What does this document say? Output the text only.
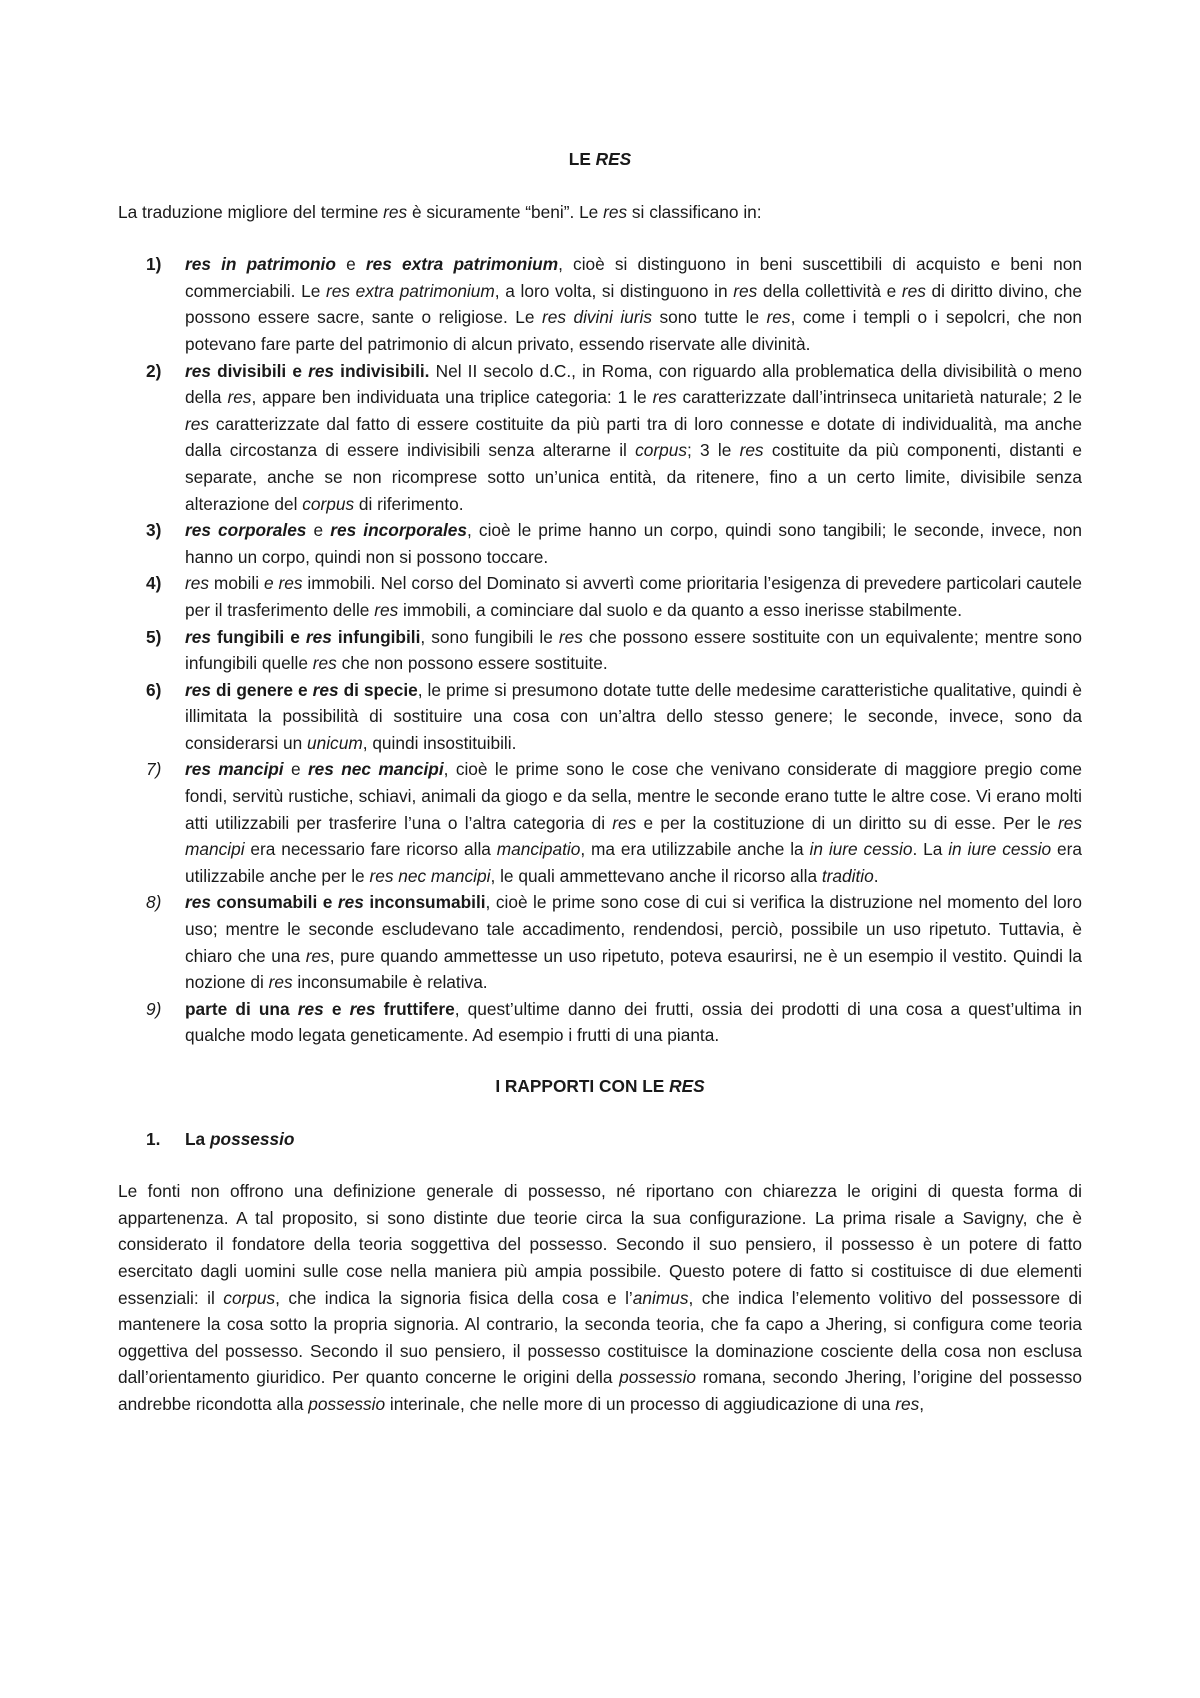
LE RES

La traduzione migliore del termine res è sicuramente “beni”. Le res si classificano in:

1) res in patrimonio e res extra patrimonium, cioè si distinguono in beni suscettibili di acquisto e beni non commerciabili. Le res extra patrimonium, a loro volta, si distinguono in res della collettività e res di diritto divino, che possono essere sacre, sante o religiose. Le res divini iuris sono tutte le res, come i templi o i sepolcri, che non potevano fare parte del patrimonio di alcun privato, essendo riservate alle divinità.
2) res divisibili e res indivisibili. Nel II secolo d.C., in Roma, con riguardo alla problematica della divisibilità o meno della res, appare ben individuata una triplice categoria: 1 le res caratterizzate dall’intrinseca unitarietà naturale; 2 le res caratterizzate dal fatto di essere costituite da più parti tra di loro connesse e dotate di individualità, ma anche dalla circostanza di essere indivisibili senza alterarne il corpus; 3 le res costituite da più componenti, distanti e separate, anche se non ricomprese sotto un’unica entità, da ritenere, fino a un certo limite, divisibile senza alterazione del corpus di riferimento.
3) res corporales e res incorporales, cioè le prime hanno un corpo, quindi sono tangibili; le seconde, invece, non hanno un corpo, quindi non si possono toccare.
4) res mobili e res immobili. Nel corso del Dominato si avvertì come prioritaria l’esigenza di prevedere particolari cautele per il trasferimento delle res immobili, a cominciare dal suolo e da quanto a esso inerisse stabilmente.
5) res fungibili e res infungibili, sono fungibili le res che possono essere sostituite con un equivalente; mentre sono infungibili quelle res che non possono essere sostituite.
6) res di genere e res di specie, le prime si presumono dotate tutte delle medesime caratteristiche qualitative, quindi è illimitata la possibilità di sostituire una cosa con un’altra dello stesso genere; le seconde, invece, sono da considerarsi un unicum, quindi insostituibili.
7) res mancipi e res nec mancipi, cioè le prime sono le cose che venivano considerate di maggiore pregio come fondi, servitù rustiche, schiavi, animali da giogo e da sella, mentre le seconde erano tutte le altre cose. Vi erano molti atti utilizzabili per trasferire l’una o l’altra categoria di res e per la costituzione di un diritto su di esse. Per le res mancipi era necessario fare ricorso alla mancipatio, ma era utilizzabile anche la in iure cessio. La in iure cessio era utilizzabile anche per le res nec mancipi, le quali ammettevano anche il ricorso alla traditio.
8) res consumabili e res inconsumabili, cioè le prime sono cose di cui si verifica la distruzione nel momento del loro uso; mentre le seconde escludevano tale accadimento, rendendosi, perciò, possibile un uso ripetuto. Tuttavia, è chiaro che una res, pure quando ammettesse un uso ripetuto, poteva esaurirsi, ne è un esempio il vestito. Quindi la nozione di res inconsumabile è relativa.
9) parte di una res e res fruttifere, quest’ultime danno dei frutti, ossia dei prodotti di una cosa a quest’ultima in qualche modo legata geneticamente. Ad esempio i frutti di una pianta.
I RAPPORTI CON LE RES
1. La possessio

Le fonti non offrono una definizione generale di possesso, né riportano con chiarezza le origini di questa forma di appartenenza. A tal proposito, si sono distinte due teorie circa la sua configurazione. La prima risale a Savigny, che è considerato il fondatore della teoria soggettiva del possesso. Secondo il suo pensiero, il possesso è un potere di fatto esercitato dagli uomini sulle cose nella maniera più ampia possibile. Questo potere di fatto si costituisce di due elementi essenziali: il corpus, che indica la signoria fisica della cosa e l’animus, che indica l’elemento volitivo del possessore di mantenere la cosa sotto la propria signoria. Al contrario, la seconda teoria, che fa capo a Jhering, si configura come teoria oggettiva del possesso. Secondo il suo pensiero, il possesso costituisce la dominazione cosciente della cosa non esclusa dall’orientamento giuridico. Per quanto concerne le origini della possessio romana, secondo Jhering, l’origine del possesso andrebbe ricondotta alla possessio interinale, che nelle more di un processo di aggiudicazione di una res,
